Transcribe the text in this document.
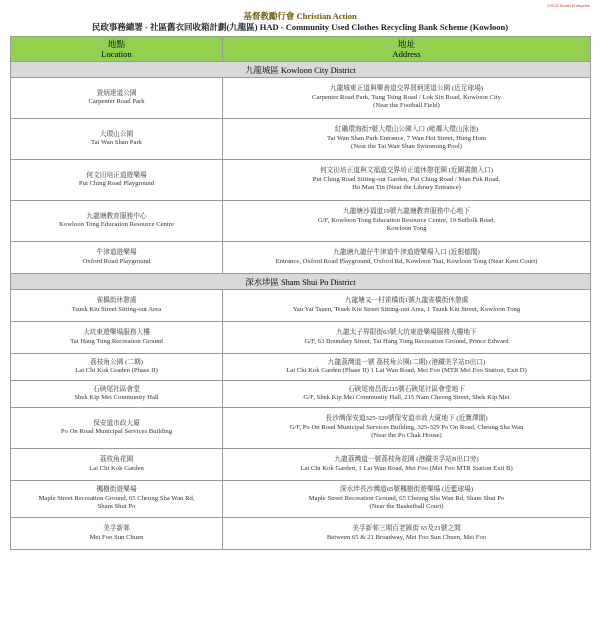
CSCD Social Enterprise
基督教勵行會 Christian Action
民政事務總署 - 社區舊衣回收箱計劃(九龍區) HAD - Community Used Clothes Recycling Bank Scheme (Kowloon)
地點
Location	地址
Address

九龍城區 Kowloon City District	

賈炳達道公園
Carpenter Road Park	九龍城東正道與樂善道交界賈炳達道公園 (近足球場)
Carpenter Road Park, Tung Tsing Road / Lok Sin Road, Kowloon City
(Near the Football Field)

大環山公園
Tai Wan Shan Park	紅磡環海街7號大環山公園入口 (毗鄰大環山泳池)
Tai Wan Shan Park Entrance, 7 Wan Hoi Street, Hung Hom
(Near the Tai Wan Shan Swimming Pool)

何文田培正道遊樂場
Pui Ching Road Playground	何文田培正道與文福道交界培正道休憩花園 (近圖書館入口)
Pui Ching Road Sitting-out Garden, Pui Ching Road / Man Fuk Road,
Ho Man Tin (Near the Library Entrance)

九龍塘教育服務中心
Kowloon Tong Education Resource Centre	九龍塘沙福道19號九龍塘教育服務中心地下
G/F, Kowloon Tong Education Resource Centre, 19 Suffolk Road,
Kowloon Tong

牛津道遊樂場
Oxford Road Playground	九龍塘九龍仔牛津道牛津道遊樂場入口 (近根德閣)
Entrance, Oxford Road Playground, Oxford Rd, Kowloon Tsai, Kowloon Tong (Near Kent Court)

深水埗區 Sham Shui Po District	

雀橋街休憩處
Tsuek Kiu Street Sitting-out Area	九龍塘又一村雀橋街1號九龍雀橋街休憩處
Yau Yat Tsuen, Tsuek Kiu Street Sitting-out Area, 1 Tsuek Kiu Street, Kowloon Tong

大坑東遊樂場服務大樓
Tai Hang Tung Recreation Ground	九龍太子界限街63號大坑東遊樂場服務大樓地下
G/F, 63 Boundary Street, Tai Hang Tung Recreation Ground, Prince Edward

荔枝角公園 (二期)
Lai Chi Kok Graden (Phase II)	九龍荔灣道一號 荔枝角公園(二期) (港鐵美孚站D出口)
Lai Chi Kok Garden (Phase II) 1 Lai Wan Road, Mei Foo (MTR Mei Foo Station, Exit D)

石硤尾社區會堂
Shek Kip Mei Community Hall	石硤尾南昌街215號石硤尾社區會堂地下
G/F, Shek Kip Mei Community Hall, 215 Nam Cheong Street, Shek Kip Mei

保安道市政大廈
Po On Road Municipal Services Building	長沙灣保安道325-329號保安道市政大廈地下 (近寶澤閣)
G/F, Po On Road Municipal Services Building, 325-329 Po On Road, Cheung Sha Wan
(Near the Po Chak House)

荔枝角花園
Lai Chi Kok Garden	九龍荔灣道一號荔枝角花園 (港鐵美孚站B出口旁)
Lai Chi Kok Garden, 1 Lai Wan Road, Mei Foo (Mei Foo MTR Station Exit B)

楓樹街遊樂場
Maple Street Recreation Ground, 65 Cheung Sha Wan Rd,
Sham Shui Po	深水埗長沙灣道65號楓樹街遊樂場 (近籃球場)
Maple Street Recreation Ground, 65 Cheung Sha Wan Rd, Sham Shui Po
(Near the Basketball Court)

美孚新邨
Mei Foo Sun Chuen	美孚新邨三期百老匯街 65及21號之間
Between 65 & 21 Broadway, Mei Foo Sun Chuen, Mei Foo
